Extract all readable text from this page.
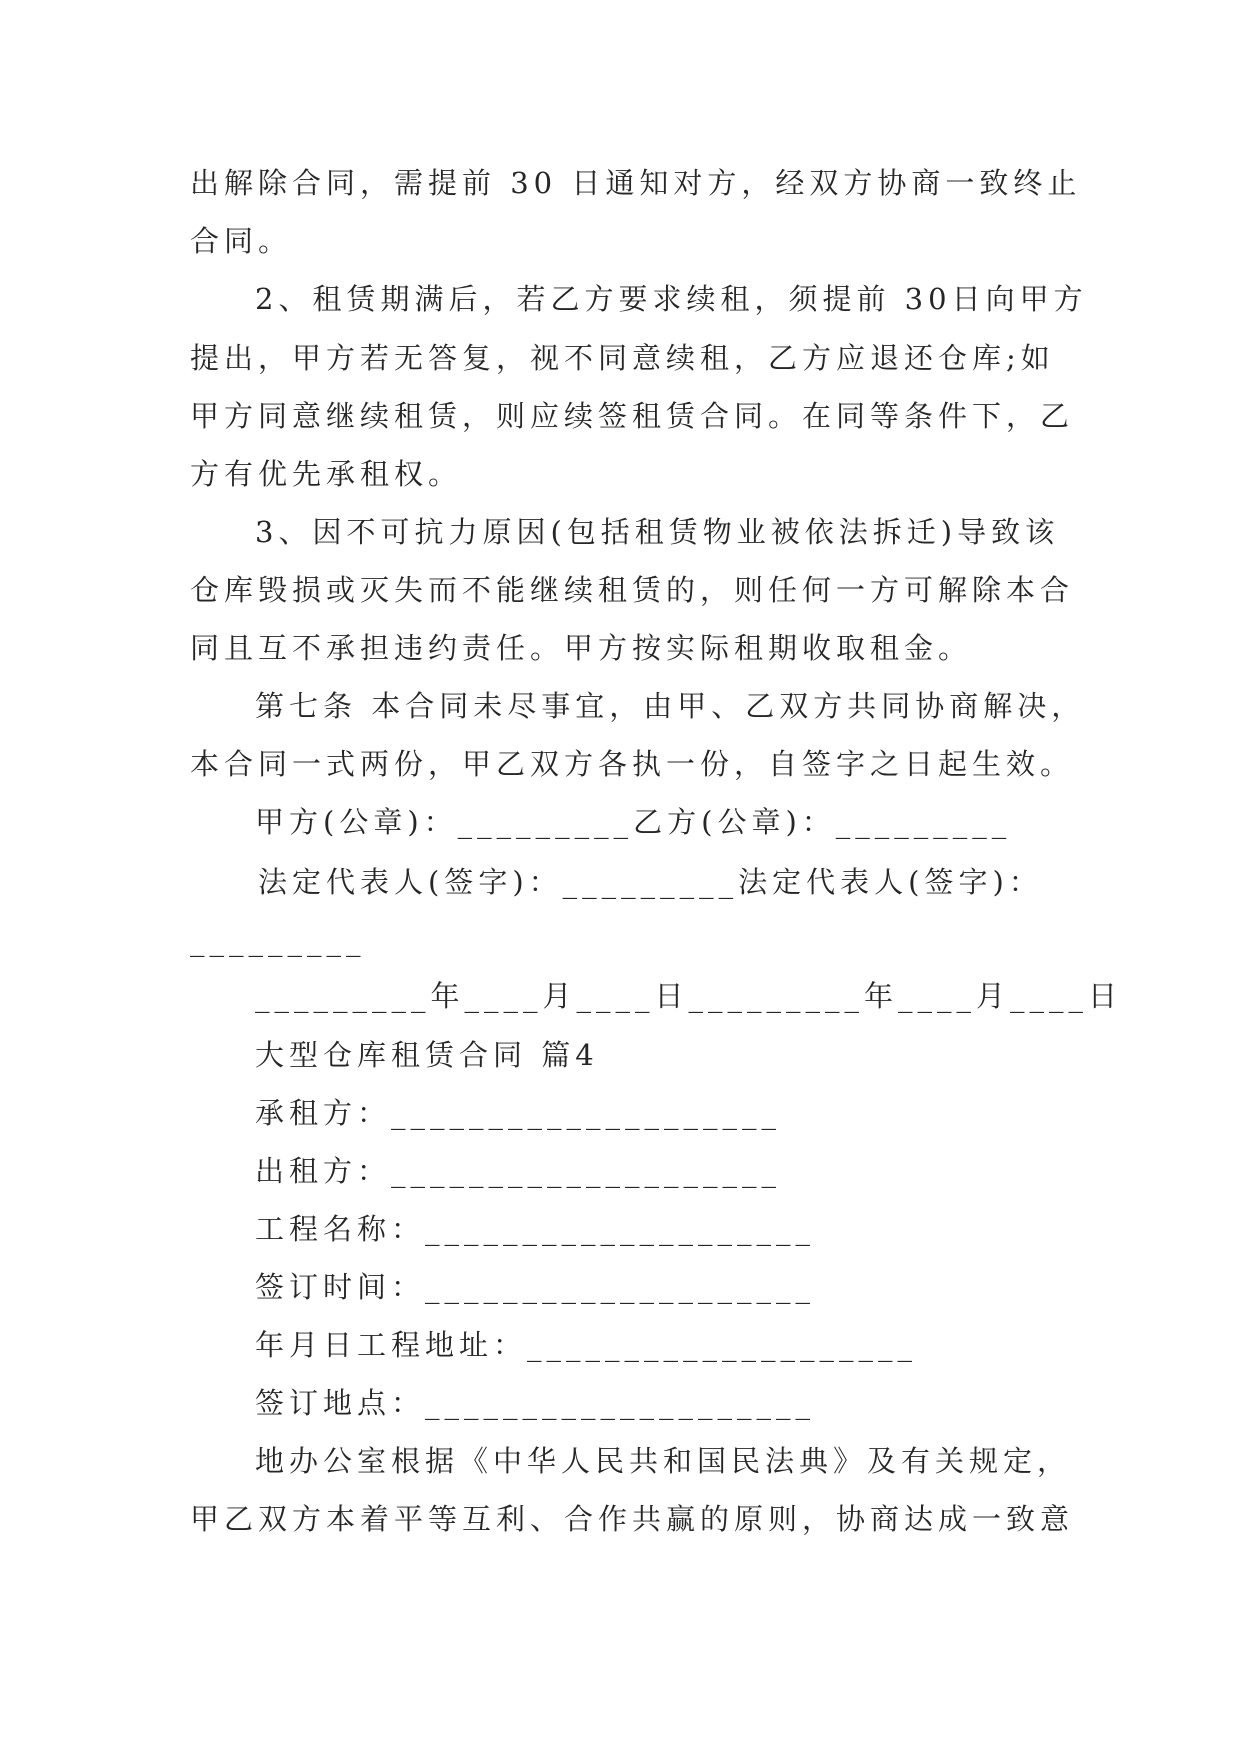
出解除合同，需提前 30 日通知对方，经双方协商一致终止
合同。
2、租赁期满后，若乙方要求续租，须提前 30日向甲方
提出，甲方若无答复，视不同意续租，乙方应退还仓库;如
甲方同意继续租赁，则应续签租赁合同。在同等条件下，乙
方有优先承租权。
3、因不可抗力原因(包括租赁物业被依法拆迁)导致该
仓库毁损或灭失而不能继续租赁的，则任何一方可解除本合
同且互不承担违约责任。甲方按实际租期收取租金。
第七条 本合同未尽事宜，由甲、乙双方共同协商解决，
本合同一式两份，甲乙双方各执一份，自签字之日起生效。
甲方(公章)：_________乙方(公章)：_________
法定代表人(签字)：_________法定代表人(签字)：
_________
_________年____月____日_________年____月____日
大型仓库租赁合同 篇4
承租方：____________________
出租方：____________________
工程名称：____________________
签订时间：____________________
年月日工程地址：____________________
签订地点：____________________
地办公室根据《中华人民共和国民法典》及有关规定，
甲乙双方本着平等互利、合作共赢的原则，协商达成一致意
